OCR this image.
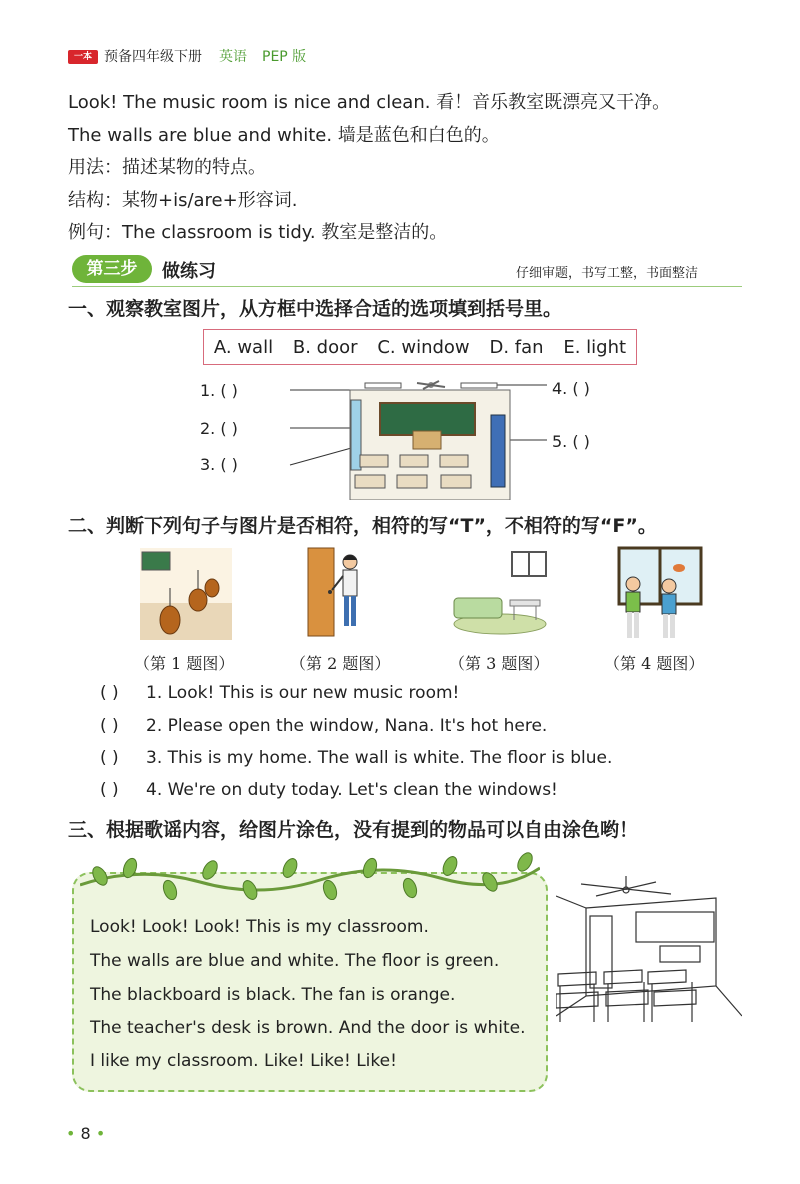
一本 预备四年级下册 英语 PEP 版
Look! The music room is nice and clean. 看！音乐教室既漂亮又干净。
The walls are blue and white. 墙是蓝色和白色的。
用法：描述某物的特点。
结构：某物+is/are+形容词.
例句：The classroom is tidy. 教室是整洁的。
第三步	做练习	仔细审题，书写工整，书面整洁
一、观察教室图片，从方框中选择合适的选项填到括号里。
A. wall B. door C. window D. fan E. light
1. ( )
2. ( )
3. ( )
4. ( )
5. ( )
二、判断下列句子与图片是否相符，相符的写“T”，不相符的写“F”。
（第 1 题图）	（第 2 题图）	（第 3 题图）	（第 4 题图）
( ) 1. Look! This is our new music room!
( ) 2. Please open the window, Nana. It's hot here.
( ) 3. This is my home. The wall is white. The floor is blue.
( ) 4. We're on duty today. Let's clean the windows!
三、根据歌谣内容，给图片涂色，没有提到的物品可以自由涂色哟！
Look! Look! Look! This is my classroom.
The walls are blue and white. The floor is green.
The blackboard is black. The fan is orange.
The teacher's desk is brown. And the door is white.
I like my classroom. Like! Like! Like!
• 8 •
